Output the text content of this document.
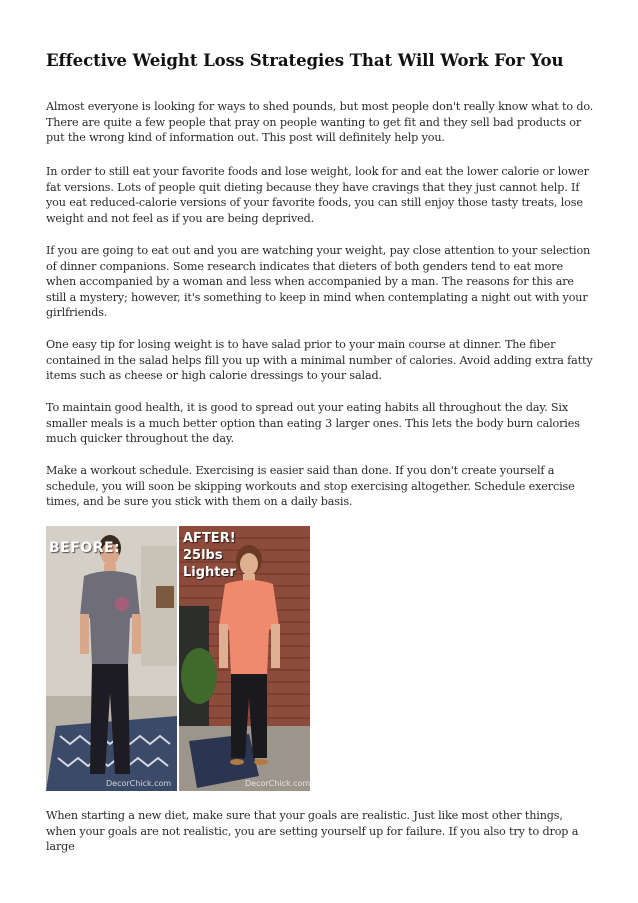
Effective Weight Loss Strategies That Will Work For You

Almost everyone is looking for ways to shed pounds, but most people don't really know what to do. There are quite a few people that pray on people wanting to get fit and they sell bad products or put the wrong kind of information out. This post will definitely help you.

In order to still eat your favorite foods and lose weight, look for and eat the lower calorie or lower fat versions. Lots of people quit dieting because they have cravings that they just cannot help. If you eat reduced-calorie versions of your favorite foods, you can still enjoy those tasty treats, lose weight and not feel as if you are being deprived.

If you are going to eat out and you are watching your weight, pay close attention to your selection of dinner companions. Some research indicates that dieters of both genders tend to eat more when accompanied by a woman and less when accompanied by a man. The reasons for this are still a mystery; however, it's something to keep in mind when contemplating a night out with your girlfriends.

One easy tip for losing weight is to have salad prior to your main course at dinner. The fiber contained in the salad helps fill you up with a minimal number of calories. Avoid adding extra fatty items such as cheese or high calorie dressings to your salad.

To maintain good health, it is good to spread out your eating habits all throughout the day. Six smaller meals is a much better option than eating 3 larger ones. This lets the body burn calories much quicker throughout the day.

Make a workout schedule. Exercising is easier said than done. If you don't create yourself a schedule, you will soon be skipping workouts and stop exercising altogether. Schedule exercise times, and be sure you stick with them on a daily basis.

BEFORE:
DecorChick.com
AFTER! 25lbs Lighter
DecorChick.com

When starting a new diet, make sure that your goals are realistic. Just like most other things, when your goals are not realistic, you are setting yourself up for failure. If you also try to drop a large
